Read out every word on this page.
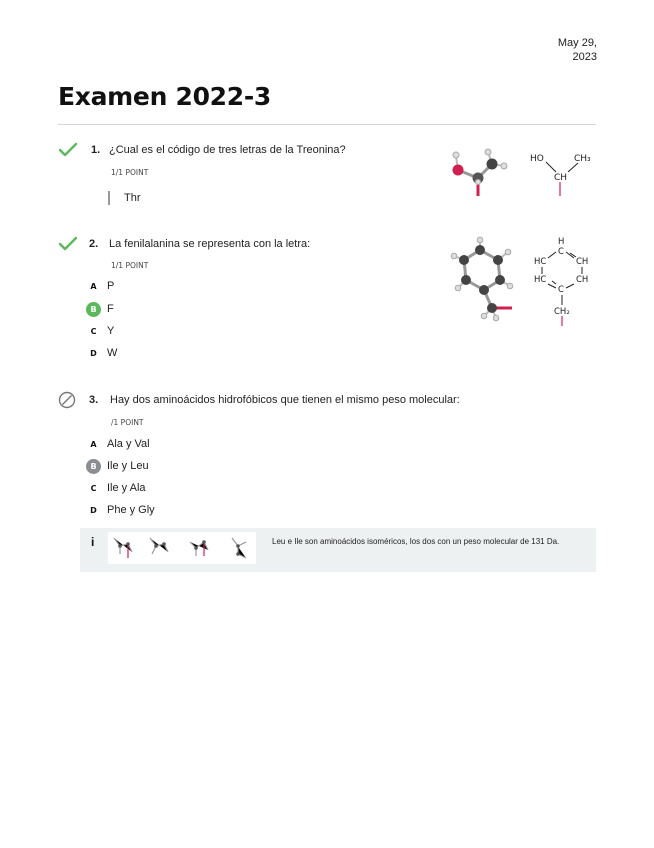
May 29,
2023
Examen 2022-3
1. ¿Cual es el código de tres letras de la Treonina?
1/1 POINT
Thr
HO	CH₃
CH
2. La fenilalanina se representa con la letra:
1/1 POINT
A P
B F
C Y
D W
H
C
HC	CH
HC	CH
C
CH₂
3. Hay dos aminoácidos hidrofóbicos que tienen el mismo peso molecular:
/1 POINT
A Ala y Val
B Ile y Leu
C Ile y Ala
D Phe y Gly
i	Leu e Ile son aminoácidos isoméricos, los dos con un peso molecular de 131 Da.
